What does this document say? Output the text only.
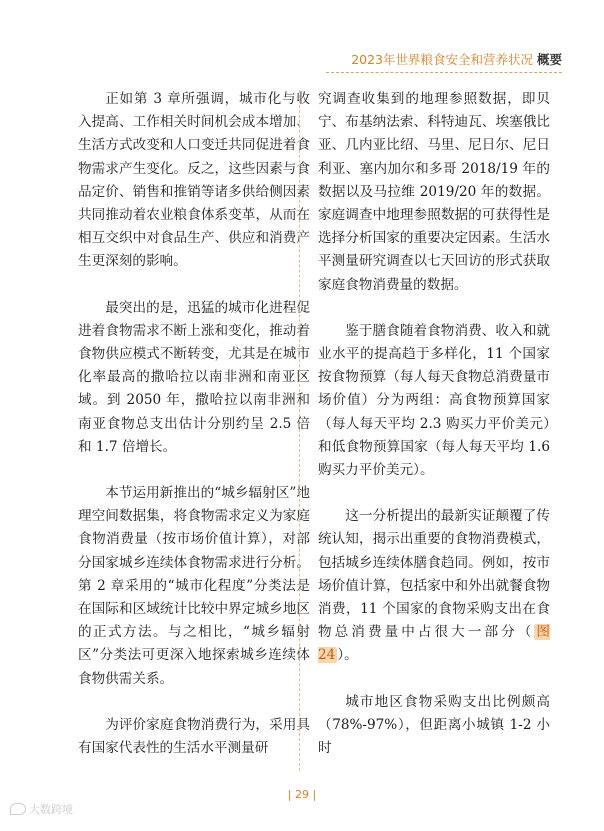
2023年世界粮食安全和营养状况 概要

正如第 3 章所强调，城市化与收入提高、工作相关时间机会成本增加、生活方式改变和人口变迁共同促进着食物需求产生变化。反之，这些因素与食品定价、销售和推销等诸多供给侧因素共同推动着农业粮食体系变革，从而在相互交织中对食品生产、供应和消费产生更深刻的影响。

最突出的是，迅猛的城市化进程促进着食物需求不断上涨和变化，推动着食物供应模式不断转变，尤其是在城市化率最高的撒哈拉以南非洲和南亚区域。到 2050 年，撒哈拉以南非洲和南亚食物总支出估计分别约呈 2.5 倍和 1.7 倍增长。

本节运用新推出的“城乡辐射区”地理空间数据集，将食物需求定义为家庭食物消费量（按市场价值计算），对部分国家城乡连续体食物需求进行分析。第 2 章采用的“城市化程度”分类法是在国际和区域统计比较中界定城乡地区的正式方法。与之相比，“城乡辐射区”分类法可更深入地探索城乡连续体食物供需关系。

为评价家庭食物消费行为，采用具有国家代表性的生活水平测量研

究调查收集到的地理参照数据，即贝宁、布基纳法索、科特迪瓦、埃塞俄比亚、几内亚比绍、马里、尼日尔、尼日利亚、塞内加尔和多哥 2018/19 年的数据以及马拉维 2019/20 年的数据。家庭调查中地理参照数据的可获得性是选择分析国家的重要决定因素。生活水平测量研究调查以七天回访的形式获取家庭食物消费量的数据。

鉴于膳食随着食物消费、收入和就业水平的提高趋于多样化，11 个国家按食物预算（每人每天食物总消费量市场价值）分为两组：高食物预算国家（每人每天平均 2.3 购买力平价美元）和低食物预算国家（每人每天平均 1.6 购买力平价美元）。

这一分析提出的最新实证颠覆了传统认知，揭示出重要的食物消费模式，包括城乡连续体膳食趋同。例如，按市场价值计算，包括家中和外出就餐食物消费，11 个国家的食物采购支出在食物总消费量中占很大一部分（ 图 24 ）。

城市地区食物采购支出比例颇高（78%-97%），但距离小城镇 1-2 小时

| 29 |
大数跨境
